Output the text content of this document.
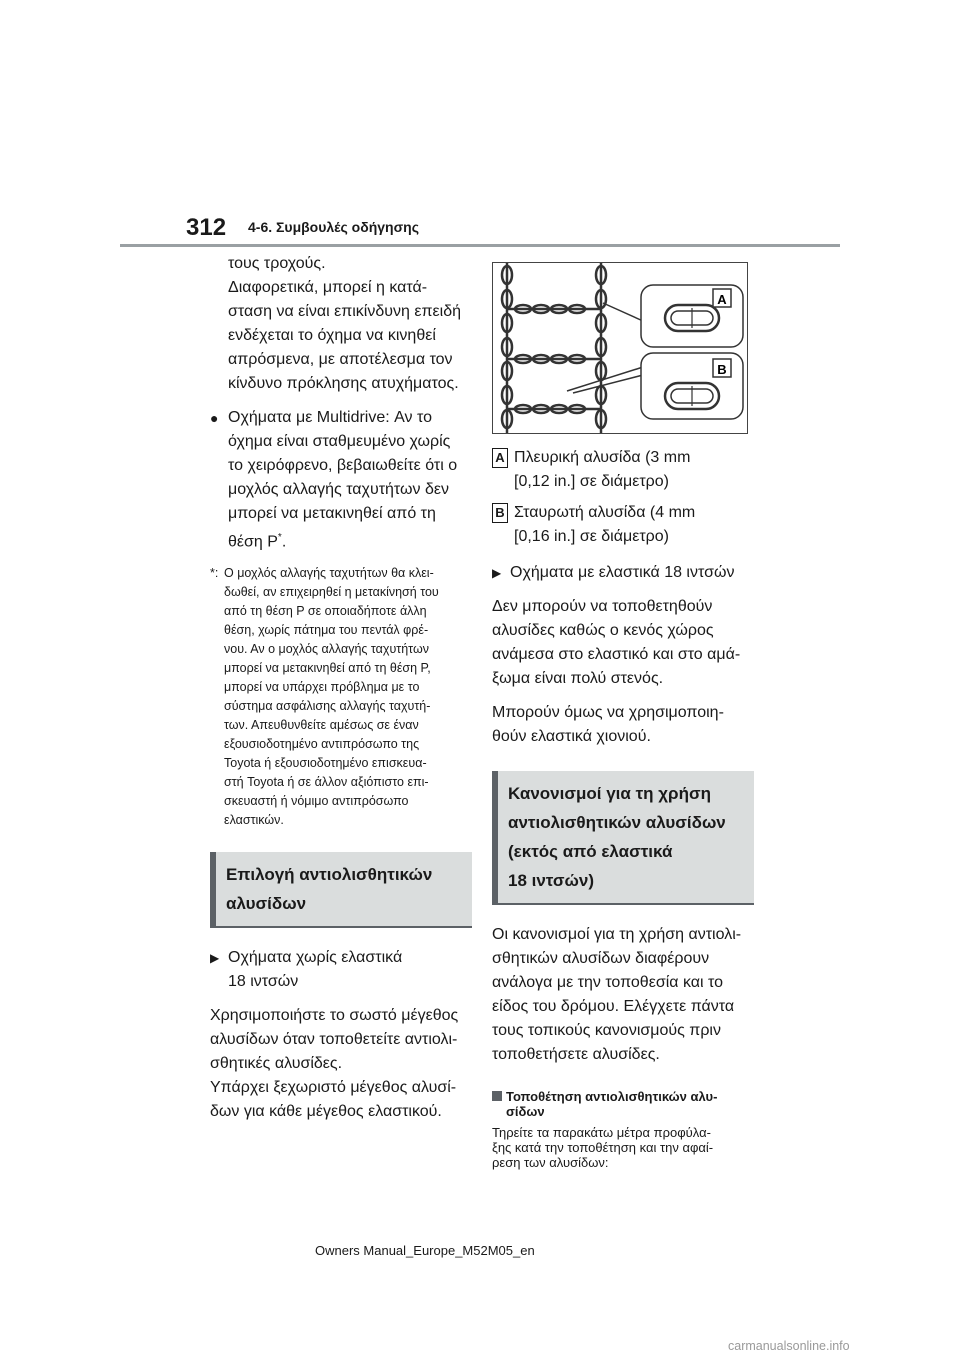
312 4-6. Συμβουλές οδήγησης
τους τροχούς.
Διαφορετικά, μπορεί η κατά-
σταση να είναι επικίνδυνη επειδή
ενδέχεται το όχημα να κινηθεί
απρόσμενα, με αποτέλεσμα τον
κίνδυνο πρόκλησης ατυχήματος.
● Οχήματα με Multidrive: Αν το
όχημα είναι σταθμευμένο χωρίς
το χειρόφρενο, βεβαιωθείτε ότι ο
μοχλός αλλαγής ταχυτήτων δεν
μπορεί να μετακινηθεί από τη
θέση P*.
*: Ο μοχλός αλλαγής ταχυτήτων θα κλει-
δωθεί, αν επιχειρηθεί η μετακίνησή του
από τη θέση P σε οποιαδήποτε άλλη
θέση, χωρίς πάτημα του πεντάλ φρέ-
νου. Αν ο μοχλός αλλαγής ταχυτήτων
μπορεί να μετακινηθεί από τη θέση P,
μπορεί να υπάρχει πρόβλημα με το
σύστημα ασφάλισης αλλαγής ταχυτή-
των. Απευθυνθείτε αμέσως σε έναν
εξουσιοδοτημένο αντιπρόσωπο της
Toyota ή εξουσιοδοτημένο επισκευα-
στή Toyota ή σε άλλον αξιόπιστο επι-
σκευαστή ή νόμιμο αντιπρόσωπο
ελαστικών.
Επιλογή αντιολισθητικών
αλυσίδων
▶ Οχήματα χωρίς ελαστικά
18 ιντσών
Χρησιμοποιήστε το σωστό μέγεθος
αλυσίδων όταν τοποθετείτε αντιολι-
σθητικές αλυσίδες.
Υπάρχει ξεχωριστό μέγεθος αλυσί-
δων για κάθε μέγεθος ελαστικού.
A
B
A Πλευρική αλυσίδα (3 mm
[0,12 in.] σε διάμετρο)
B Σταυρωτή αλυσίδα (4 mm
[0,16 in.] σε διάμετρο)
▶ Οχήματα με ελαστικά 18 ιντσών
Δεν μπορούν να τοποθετηθούν
αλυσίδες καθώς ο κενός χώρος
ανάμεσα στο ελαστικό και στο αμά-
ξωμα είναι πολύ στενός.
Μπορούν όμως να χρησιμοποιη-
θούν ελαστικά χιονιού.
Κανονισμοί για τη χρήση
αντιολισθητικών αλυσίδων
(εκτός από ελαστικά
18 ιντσών)
Οι κανονισμοί για τη χρήση αντιολι-
σθητικών αλυσίδων διαφέρουν
ανάλογα με την τοποθεσία και το
είδος του δρόμου. Ελέγχετε πάντα
τους τοπικούς κανονισμούς πριν
τοποθετήσετε αλυσίδες.
Τοποθέτηση αντιολισθητικών αλυ-
σίδων
Τηρείτε τα παρακάτω μέτρα προφύλα-
ξης κατά την τοποθέτηση και την αφαί-
ρεση των αλυσίδων:
Owners Manual_Europe_M52M05_en
carmanualsonline.info
